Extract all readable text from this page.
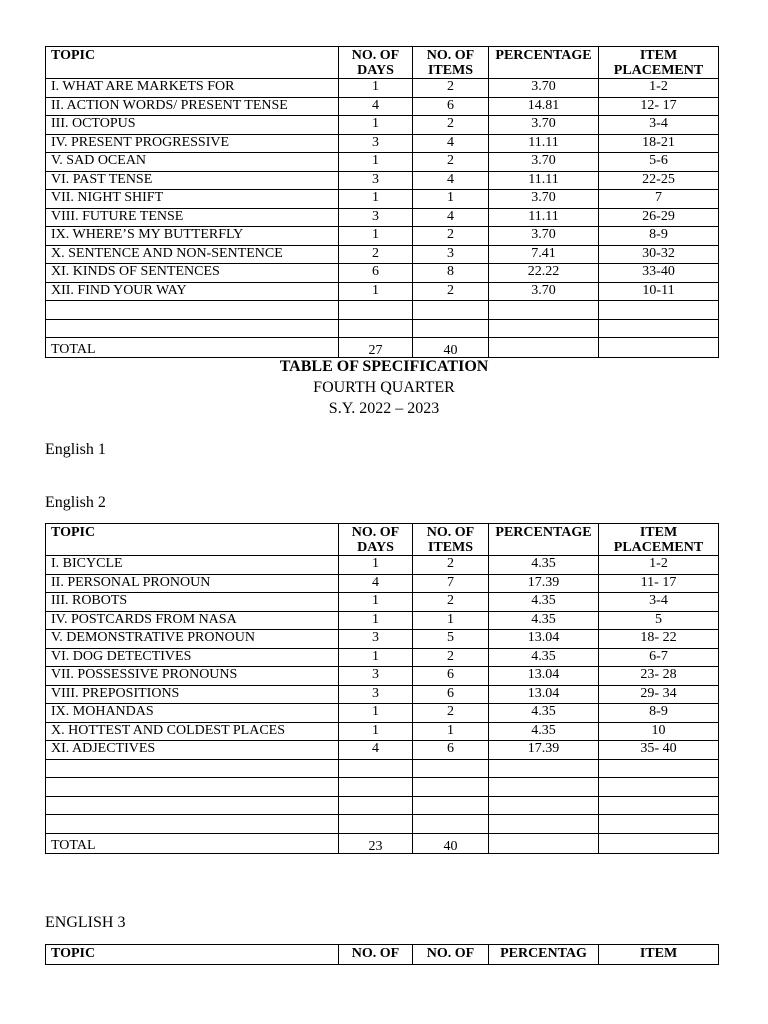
TOPIC	NO. OF DAYS	NO. OF ITEMS	PERCENTAGE	ITEM PLACEMENT
I. WHAT ARE MARKETS FOR	1	2	3.70	1-2
II. ACTION WORDS/ PRESENT TENSE	4	6	14.81	12- 17
III. OCTOPUS	1	2	3.70	3-4
IV. PRESENT PROGRESSIVE	3	4	11.11	18-21
V. SAD OCEAN	1	2	3.70	5-6
VI. PAST TENSE	3	4	11.11	22-25
VII. NIGHT SHIFT	1	1	3.70	7
VIII. FUTURE TENSE	3	4	11.11	26-29
IX. WHERE’S MY BUTTERFLY	1	2	3.70	8-9
X. SENTENCE AND NON-SENTENCE	2	3	7.41	30-32
XI. KINDS OF SENTENCES	6	8	22.22	33-40
XII. FIND YOUR WAY	1	2	3.70	10-11

TOTAL	27	40		
TABLE OF SPECIFICATION
FOURTH QUARTER
S.Y. 2022 – 2023
English 1
English 2
TOPIC	NO. OF DAYS	NO. OF ITEMS	PERCENTAGE	ITEM PLACEMENT
I. BICYCLE	1	2	4.35	1-2
II. PERSONAL PRONOUN	4	7	17.39	11- 17
III. ROBOTS	1	2	4.35	3-4
IV. POSTCARDS FROM NASA	1	1	4.35	5
V. DEMONSTRATIVE PRONOUN	3	5	13.04	18- 22
VI. DOG DETECTIVES	1	2	4.35	6-7
VII. POSSESSIVE PRONOUNS	3	6	13.04	23- 28
VIII. PREPOSITIONS	3	6	13.04	29- 34
IX. MOHANDAS	1	2	4.35	8-9
X. HOTTEST AND COLDEST PLACES	1	1	4.35	10
XI. ADJECTIVES	4	6	17.39	35- 40

TOTAL	23	40		
ENGLISH 3
TOPIC	NO. OF	NO. OF	PERCENTAG	ITEM
